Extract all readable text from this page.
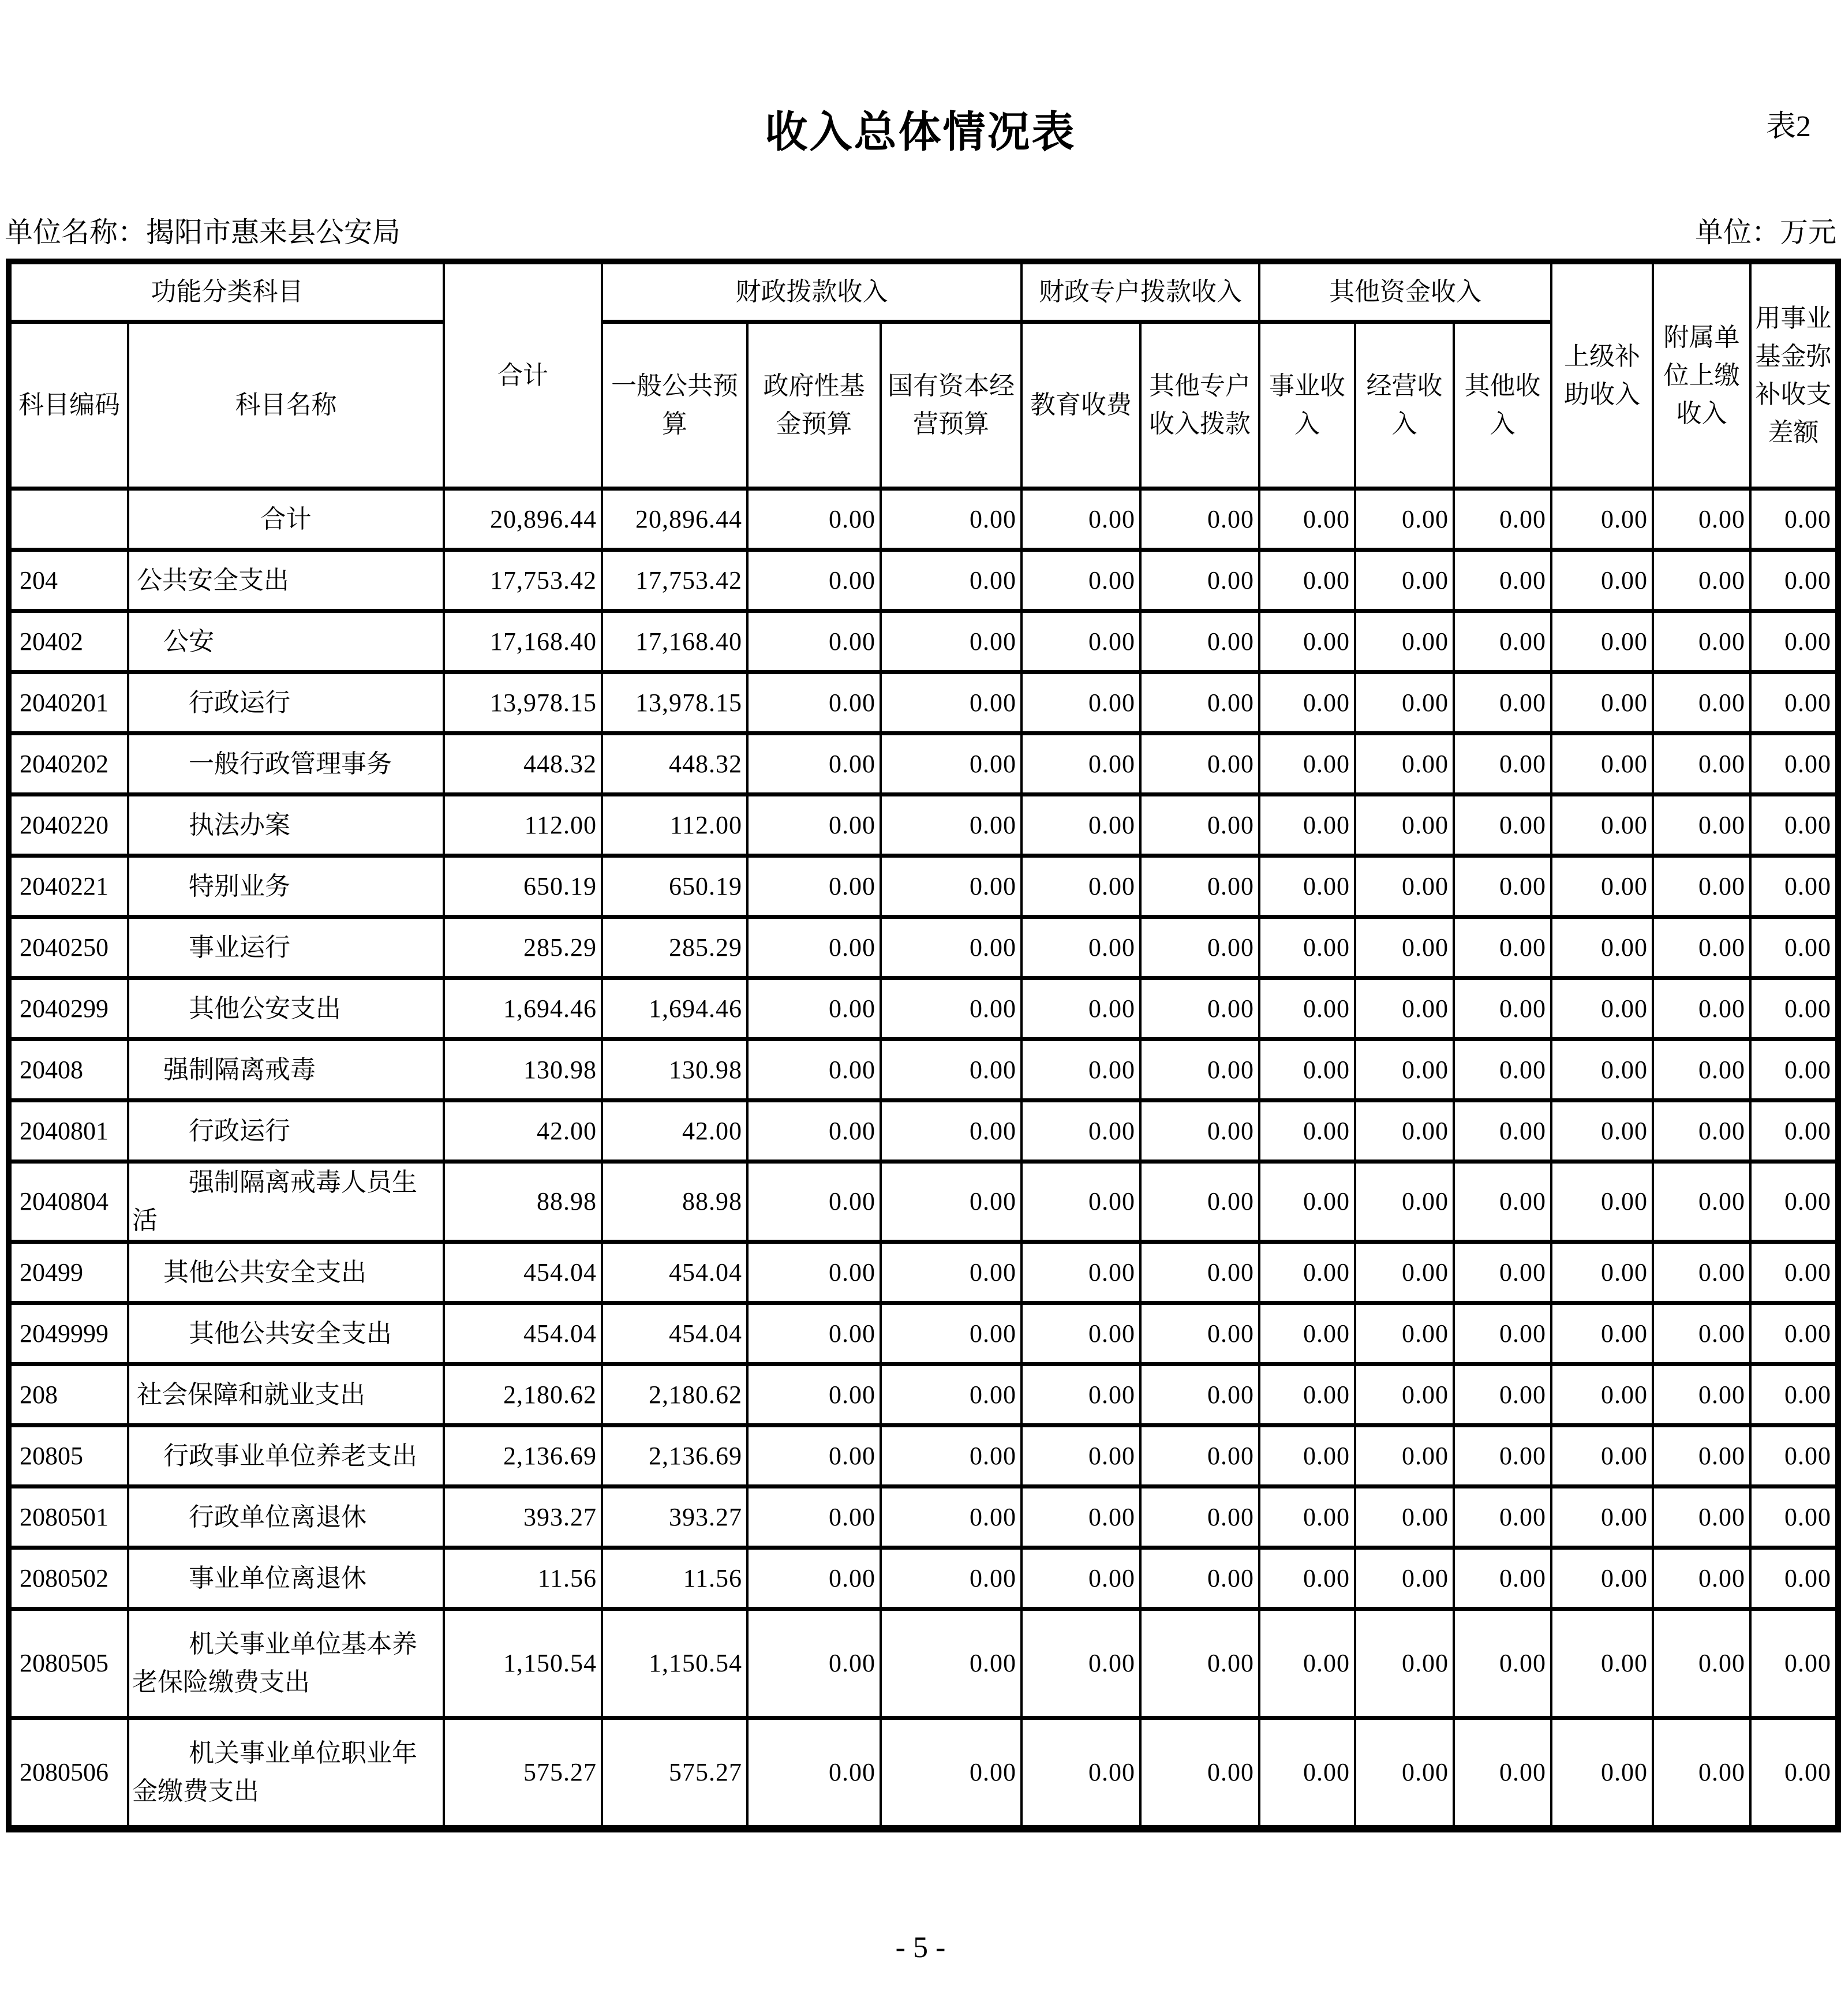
表2
收入总体情况表
单位名称：揭阳市惠来县公安局	单位：万元
功能分类科目		合计	财政拨款收入			财政专户拨款收入		其他资金收入			上级补助收入	附属单位上缴收入	用事业基金弥补收支差额
科目编码	科目名称		一般公共预算	政府性基金预算	国有资本经营预算	教育收费	其他专户收入拨款	事业收入	经营收入	其他收入			
	合计	20,896.44	20,896.44	0.00	0.00	0.00	0.00	0.00	0.00	0.00	0.00	0.00	0.00
204	公共安全支出	17,753.42	17,753.42	0.00	0.00	0.00	0.00	0.00	0.00	0.00	0.00	0.00	0.00
20402	公安	17,168.40	17,168.40	0.00	0.00	0.00	0.00	0.00	0.00	0.00	0.00	0.00	0.00
2040201	行政运行	13,978.15	13,978.15	0.00	0.00	0.00	0.00	0.00	0.00	0.00	0.00	0.00	0.00
2040202	一般行政管理事务	448.32	448.32	0.00	0.00	0.00	0.00	0.00	0.00	0.00	0.00	0.00	0.00
2040220	执法办案	112.00	112.00	0.00	0.00	0.00	0.00	0.00	0.00	0.00	0.00	0.00	0.00
2040221	特别业务	650.19	650.19	0.00	0.00	0.00	0.00	0.00	0.00	0.00	0.00	0.00	0.00
2040250	事业运行	285.29	285.29	0.00	0.00	0.00	0.00	0.00	0.00	0.00	0.00	0.00	0.00
2040299	其他公安支出	1,694.46	1,694.46	0.00	0.00	0.00	0.00	0.00	0.00	0.00	0.00	0.00	0.00
20408	强制隔离戒毒	130.98	130.98	0.00	0.00	0.00	0.00	0.00	0.00	0.00	0.00	0.00	0.00
2040801	行政运行	42.00	42.00	0.00	0.00	0.00	0.00	0.00	0.00	0.00	0.00	0.00	0.00
2040804	强制隔离戒毒人员生活	88.98	88.98	0.00	0.00	0.00	0.00	0.00	0.00	0.00	0.00	0.00	0.00
20499	其他公共安全支出	454.04	454.04	0.00	0.00	0.00	0.00	0.00	0.00	0.00	0.00	0.00	0.00
2049999	其他公共安全支出	454.04	454.04	0.00	0.00	0.00	0.00	0.00	0.00	0.00	0.00	0.00	0.00
208	社会保障和就业支出	2,180.62	2,180.62	0.00	0.00	0.00	0.00	0.00	0.00	0.00	0.00	0.00	0.00
20805	行政事业单位养老支出	2,136.69	2,136.69	0.00	0.00	0.00	0.00	0.00	0.00	0.00	0.00	0.00	0.00
2080501	行政单位离退休	393.27	393.27	0.00	0.00	0.00	0.00	0.00	0.00	0.00	0.00	0.00	0.00
2080502	事业单位离退休	11.56	11.56	0.00	0.00	0.00	0.00	0.00	0.00	0.00	0.00	0.00	0.00
2080505	机关事业单位基本养老保险缴费支出	1,150.54	1,150.54	0.00	0.00	0.00	0.00	0.00	0.00	0.00	0.00	0.00	0.00
2080506	机关事业单位职业年金缴费支出	575.27	575.27	0.00	0.00	0.00	0.00	0.00	0.00	0.00	0.00	0.00	0.00
- 5 -
